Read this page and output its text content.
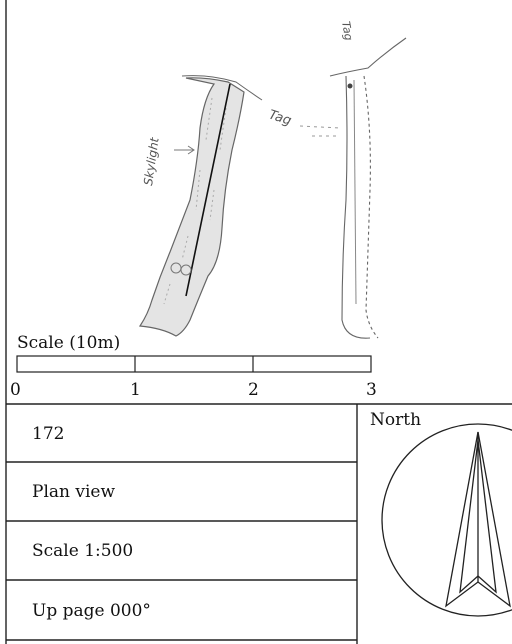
Skylight
Tag
Tag
Scale (10m)
0	1	2	3
172
Plan view
Scale 1:500
Up page 000°
North
